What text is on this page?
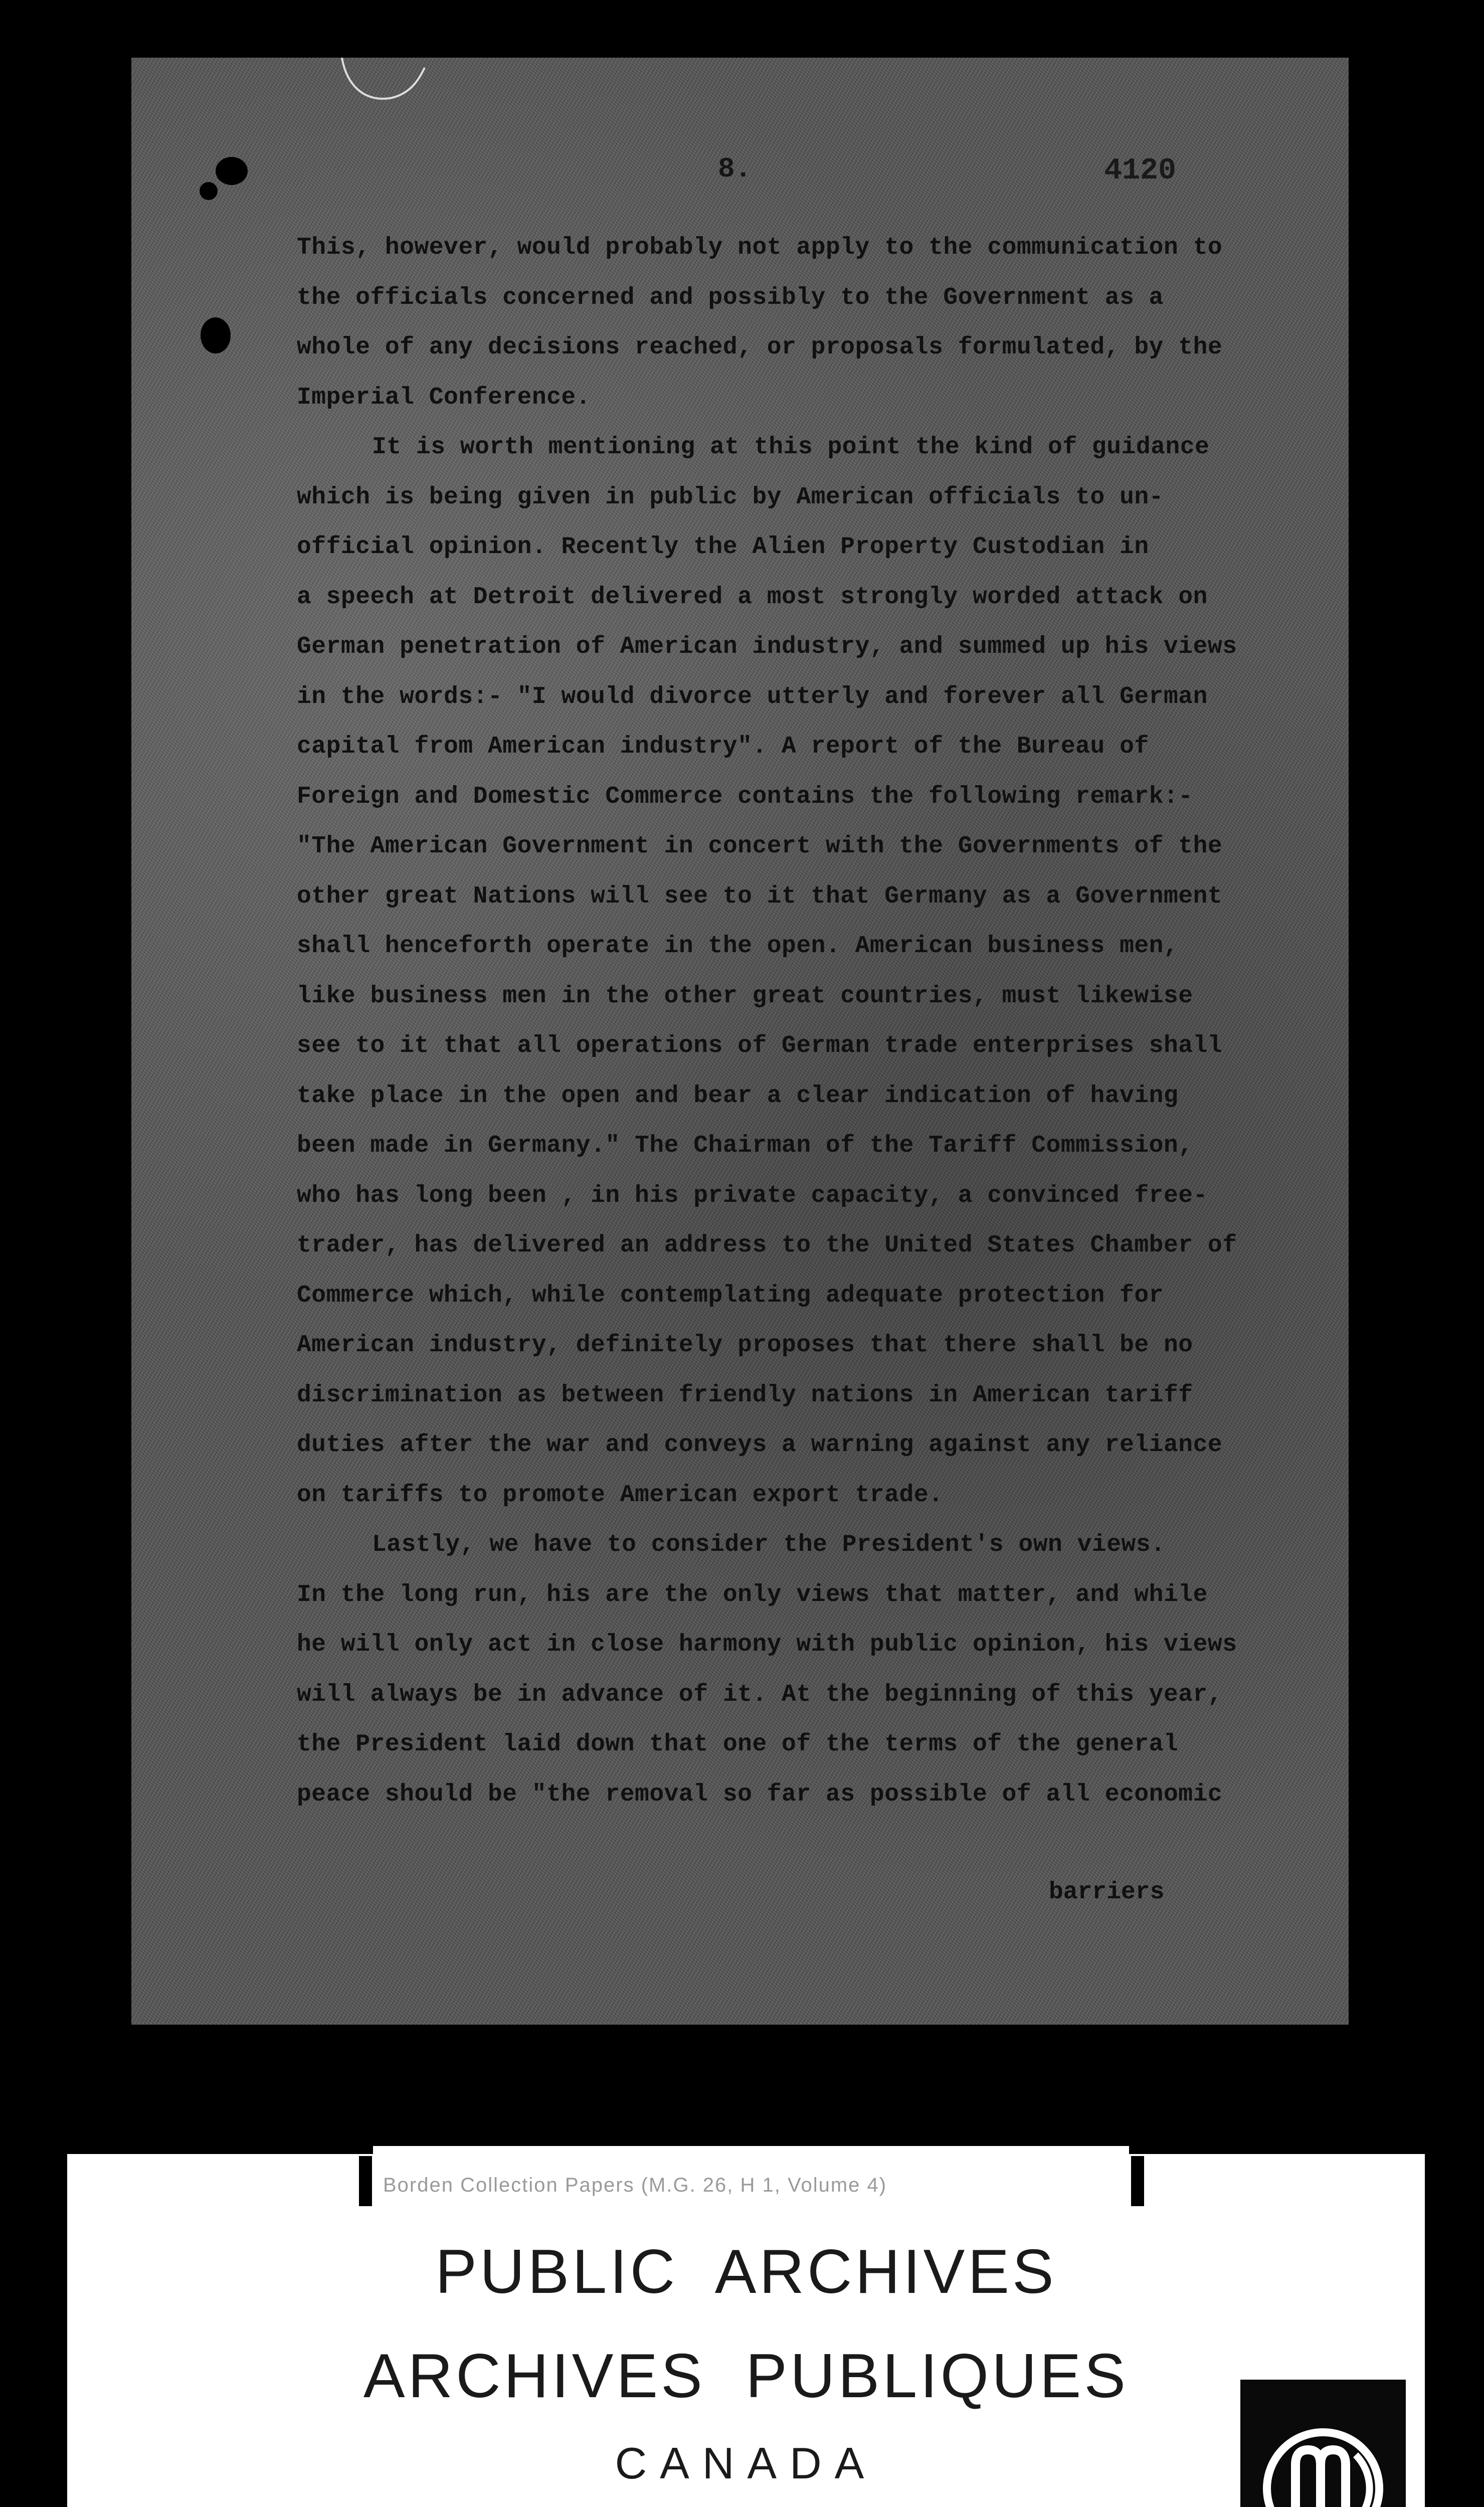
8.	4120
This, however, would probably not apply to the communication to
the officials concerned and possibly to the Government as a
whole of any decisions reached, or proposals formulated, by the
Imperial Conference.
It is worth mentioning at this point the kind of guidance
which is being given in public by American officials to un-
official opinion. Recently the Alien Property Custodian in
a speech at Detroit delivered a most strongly worded attack on
German penetration of American industry, and summed up his views
in the words:- "I would divorce utterly and forever all German
capital from American industry". A report of the Bureau of
Foreign and Domestic Commerce contains the following remark:-
"The American Government in concert with the Governments of the
other great Nations will see to it that Germany as a Government
shall henceforth operate in the open. American business men,
like business men in the other great countries, must likewise
see to it that all operations of German trade enterprises shall
take place in the open and bear a clear indication of having
been made in Germany." The Chairman of the Tariff Commission,
who has long been , in his private capacity, a convinced free-
trader, has delivered an address to the United States Chamber of
Commerce which, while contemplating adequate protection for
American industry, definitely proposes that there shall be no
discrimination as between friendly nations in American tariff
duties after the war and conveys a warning against any reliance
on tariffs to promote American export trade.
Lastly, we have to consider the President's own views.
In the long run, his are the only views that matter, and while
he will only act in close harmony with public opinion, his views
will always be in advance of it. At the beginning of this year,
the President laid down that one of the terms of the general
peace should be "the removal so far as possible of all economic
barriers
Borden Collection Papers (M.G. 26, H 1, Volume 4)
PUBLIC ARCHIVES
ARCHIVES PUBLIQUES
CANADA
